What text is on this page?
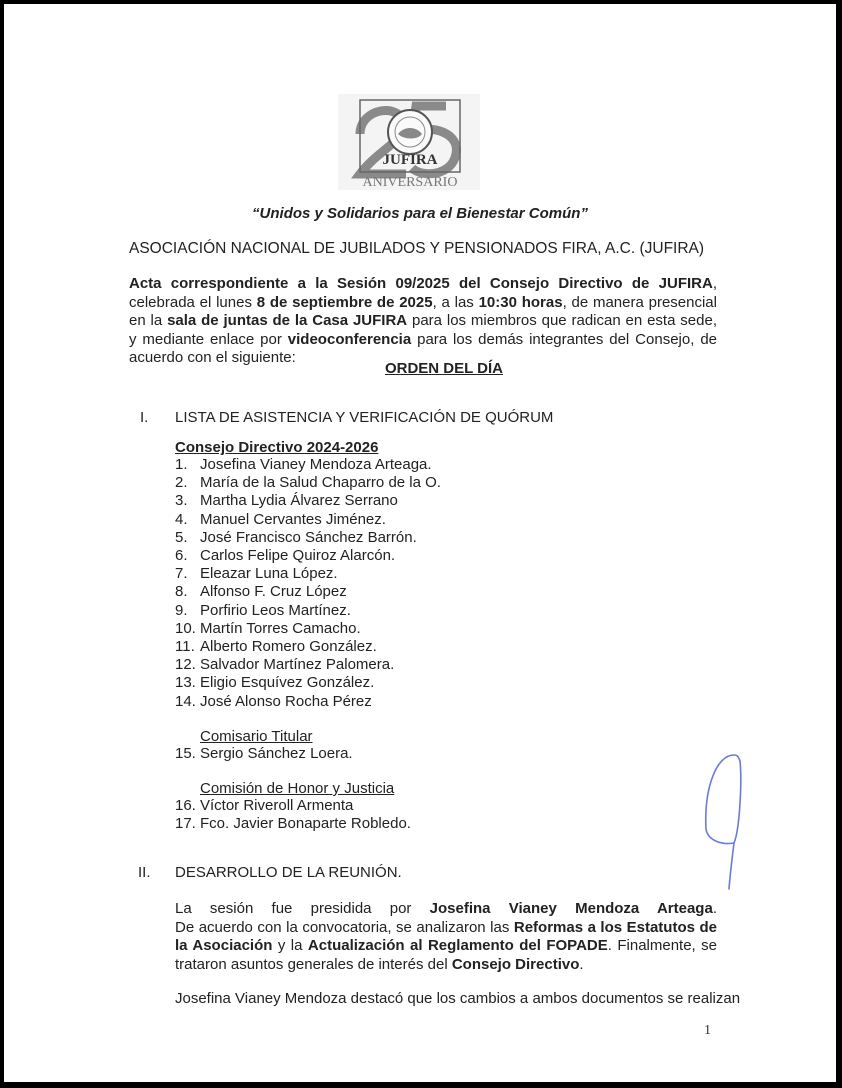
JUFIRA
ANIVERSARIO
“Unidos y Solidarios para el Bienestar Común”
ASOCIACIÓN NACIONAL DE JUBILADOS Y PENSIONADOS FIRA, A.C. (JUFIRA)
Acta correspondiente a la Sesión 09/2025 del Consejo Directivo de JUFIRA, celebrada el lunes 8 de septiembre de 2025, a las 10:30 horas, de manera presencial en la sala de juntas de la Casa JUFIRA para los miembros que radican en esta sede, y mediante enlace por videoconferencia para los demás integrantes del Consejo, de acuerdo con el siguiente:
ORDEN DEL DÍA
I. LISTA DE ASISTENCIA Y VERIFICACIÓN DE QUÓRUM
Consejo Directivo 2024-2026
1. Josefina Vianey Mendoza Arteaga.
2. María de la Salud Chaparro de la O.
3. Martha Lydia Álvarez Serrano
4. Manuel Cervantes Jiménez.
5. José Francisco Sánchez Barrón.
6. Carlos Felipe Quiroz Alarcón.
7. Eleazar Luna López.
8. Alfonso F. Cruz López
9. Porfirio Leos Martínez.
10. Martín Torres Camacho.
11. Alberto Romero González.
12. Salvador Martínez Palomera.
13. Eligio Esquívez González.
14. José Alonso Rocha Pérez
Comisario Titular
15. Sergio Sánchez Loera.
Comisión de Honor y Justicia
16. Víctor Riveroll Armenta
17. Fco. Javier Bonaparte Robledo.
II. DESARROLLO DE LA REUNIÓN.
La sesión fue presidida por Josefina Vianey Mendoza Arteaga.
De acuerdo con la convocatoria, se analizaron las Reformas a los Estatutos de la Asociación y la Actualización al Reglamento del FOPADE. Finalmente, se trataron asuntos generales de interés del Consejo Directivo.
Josefina Vianey Mendoza destacó que los cambios a ambos documentos se realizan
1
